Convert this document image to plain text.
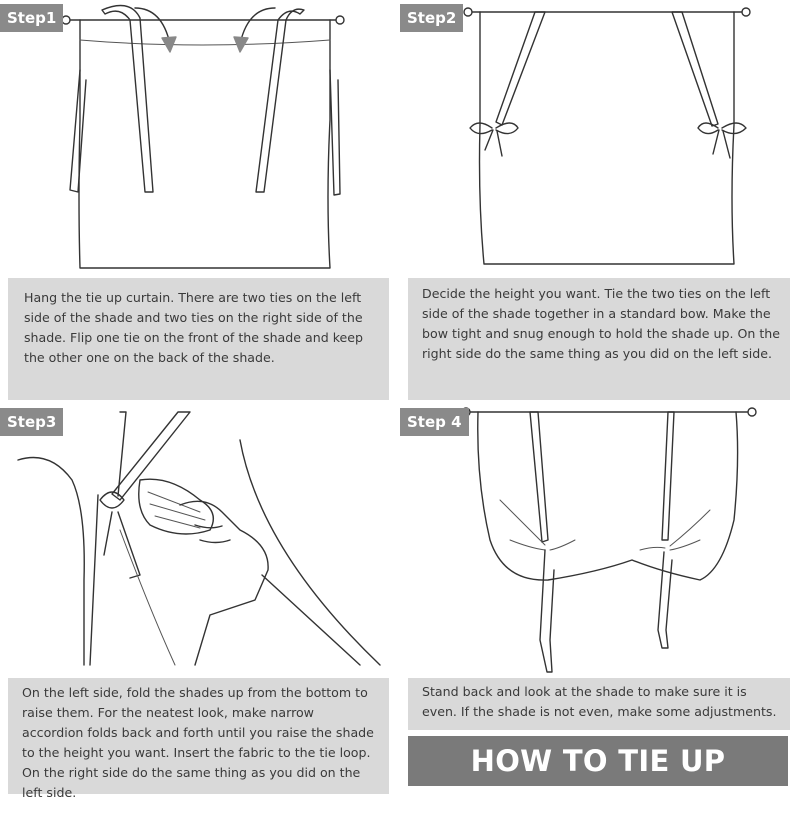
Step1
Hang the tie up curtain. There are two ties on the left side of the shade and two ties on the right side of the shade. Flip one tie on the front of the shade and keep the other one on the back of the shade.
Step2
Decide the height you want. Tie the two ties on the left side of the shade together in a standard bow. Make the bow tight and snug enough to hold the shade up. On the right side do the same thing as you did on the left side.
Step3
On the left side, fold the shades up from the bottom to raise them. For the neatest look, make narrow accordion folds back and forth until you raise the shade to the height you want. Insert the fabric to the tie loop. On the right side do the same thing as you did on the left side.
Step 4
Stand back and look at the shade to make sure it is even. If the shade is not even, make some adjustments.
HOW TO TIE UP CURTAIN
